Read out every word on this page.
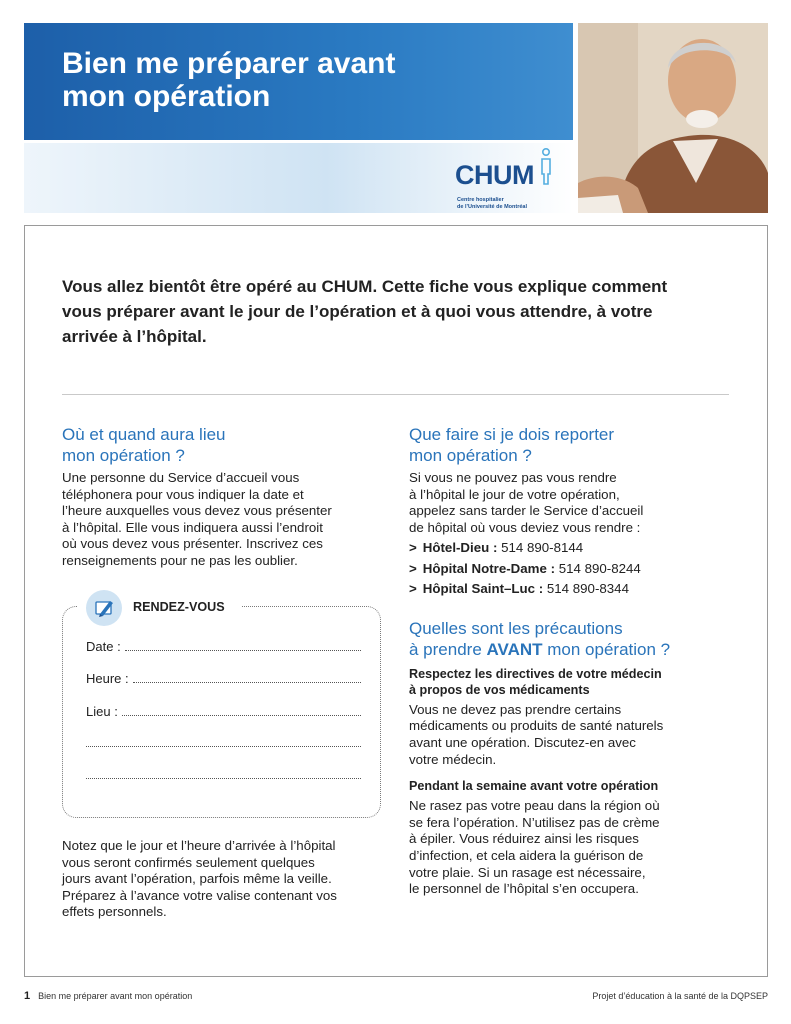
Bien me préparer avant
mon opération
CHUM
Centre hospitalier
de l’Université de Montréal

Vous allez bientôt être opéré au CHUM. Cette fiche vous explique comment vous préparer avant le jour de l’opération et à quoi vous attendre, à votre arrivée à l’hôpital.

Où et quand aura lieu
mon opération ?

Une personne du Service d’accueil vous
téléphonera pour vous indiquer la date et
l’heure auxquelles vous devez vous présenter
à l’hôpital. Elle vous indiquera aussi l’endroit
où vous devez vous présenter. Inscrivez ces
renseignements pour ne pas les oublier.

RENDEZ-VOUS
Date :
Heure :
Lieu :

Notez que le jour et l’heure d’arrivée à l’hôpital
vous seront confirmés seulement quelques
jours avant l’opération, parfois même la veille.
Préparez à l’avance votre valise contenant vos
effets personnels.

Que faire si je dois reporter
mon opération ?

Si vous ne pouvez pas vous rendre
à l’hôpital le jour de votre opération,
appelez sans tarder le Service d’accueil
de hôpital où vous deviez vous rendre :

> Hôtel-Dieu : 514 890-8144
> Hôpital Notre-Dame : 514 890-8244
> Hôpital Saint–Luc : 514 890-8344
Quelles sont les précautions
à prendre AVANT mon opération ?

Respectez les directives de votre médecin
à propos de vos médicaments

Vous ne devez pas prendre certains
médicaments ou produits de santé naturels
avant une opération. Discutez-en avec
votre médecin.

Pendant la semaine avant votre opération

Ne rasez pas votre peau dans la région où
se fera l’opération. N’utilisez pas de crème
à épiler. Vous réduirez ainsi les risques
d’infection, et cela aidera la guérison de
votre plaie. Si un rasage est nécessaire,
le personnel de l’hôpital s’en occupera.

1 Bien me préparer avant mon opération	Projet d’éducation à la santé de la DQPSEP
